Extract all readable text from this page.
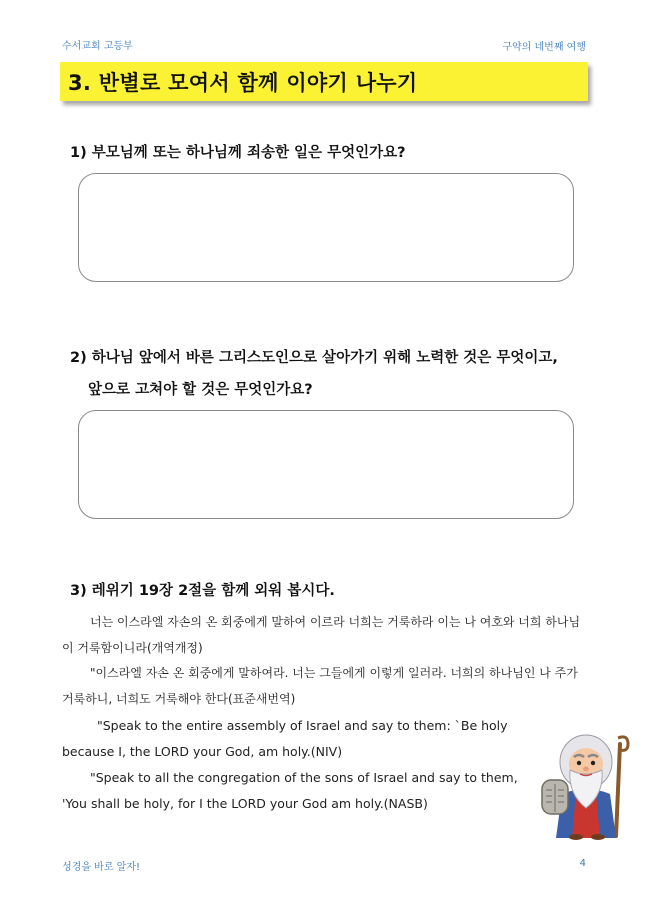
수서교회 고등부	구약의 네번째 여행
3. 반별로 모여서 함께 이야기 나누기
1) 부모님께 또는 하나님께 죄송한 일은 무엇인가요?
2) 하나님 앞에서 바른 그리스도인으로 살아가기 위해 노력한 것은 무엇이고,
앞으로 고쳐야 할 것은 무엇인가요?
3) 레위기 19장 2절을 함께 외워 봅시다.
너는 이스라엘 자손의 온 회중에게 말하여 이르라 너희는 거룩하라 이는 나 여호와 너희 하나님
이 거룩함이니라(개역개정)
"이스라엘 자손 온 회중에게 말하여라. 너는 그들에게 이렇게 일러라. 너희의 하나님인 나 주가
거룩하니, 너희도 거룩해야 한다(표준새번역)
"Speak to the entire assembly of Israel and say to them: `Be holy
because I, the LORD your God, am holy.(NIV)
"Speak to all the congregation of the sons of Israel and say to them,
'You shall be holy, for I the LORD your God am holy.(NASB)
성경을 바로 알자!	4
